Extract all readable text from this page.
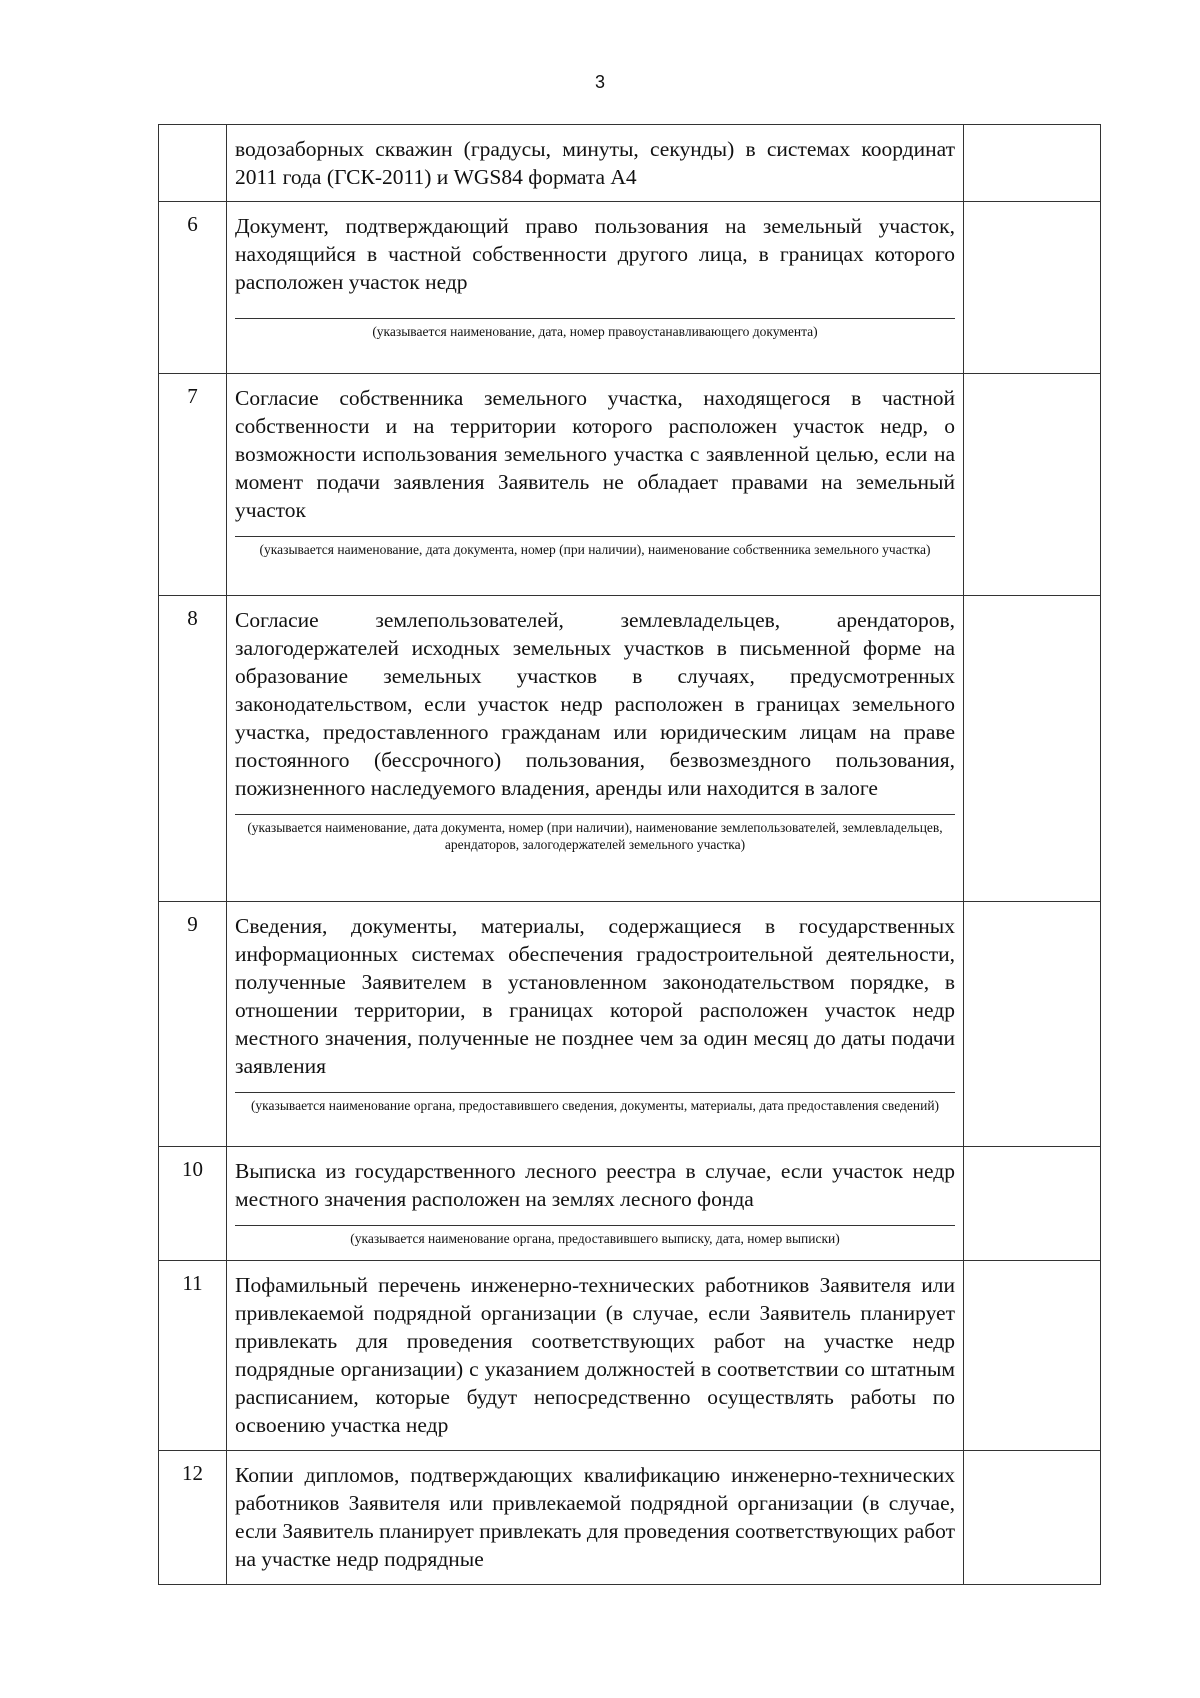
3

	водозаборных скважин (градусы, минуты, секунды) в системах координат 2011 года (ГСК-2011) и WGS84 формата А4	

6	Документ, подтверждающий право пользования на земельный участок, находящийся в частной собственности другого лица, в границах которого расположен участок недр

(указывается наименование, дата, номер правоустанавливающего документа)	

7	Согласие собственника земельного участка, находящегося в частной собственности и на территории которого расположен участок недр, о возможности использования земельного участка с заявленной целью, если на момент подачи заявления Заявитель не обладает правами на земельный участок

(указывается наименование, дата документа, номер (при наличии), наименование собственника земельного участка)	

8	Согласие землепользователей, землевладельцев, арендаторов, залогодержателей исходных земельных участков в письменной форме на образование земельных участков в случаях, предусмотренных законодательством, если участок недр расположен в границах земельного участка, предоставленного гражданам или юридическим лицам на праве постоянного (бессрочного) пользования, безвозмездного пользования, пожизненного наследуемого владения, аренды или находится в залоге

(указывается наименование, дата документа, номер (при наличии), наименование землепользователей, землевладельцев, арендаторов, залогодержателей земельного участка)	

9	Сведения, документы, материалы, содержащиеся в государственных информационных системах обеспечения градостроительной деятельности, полученные Заявителем в установленном законодательством порядке, в отношении территории, в границах которой расположен участок недр местного значения, полученные не позднее чем за один месяц до даты подачи заявления

(указывается наименование органа, предоставившего сведения, документы, материалы, дата предоставления сведений)	

10	Выписка из государственного лесного реестра в случае, если участок недр местного значения расположен на землях лесного фонда

(указывается наименование органа, предоставившего выписку, дата, номер выписки)	

11	Пофамильный перечень инженерно-технических работников Заявителя или привлекаемой подрядной организации (в случае, если Заявитель планирует привлекать для проведения соответствующих работ на участке недр подрядные организации) с указанием должностей в соответствии со штатным расписанием, которые будут непосредственно осуществлять работы по освоению участка недр	

12	Копии дипломов, подтверждающих квалификацию инженерно-технических работников Заявителя или привлекаемой подрядной организации (в случае, если Заявитель планирует привлекать для проведения соответствующих работ на участке недр подрядные	
